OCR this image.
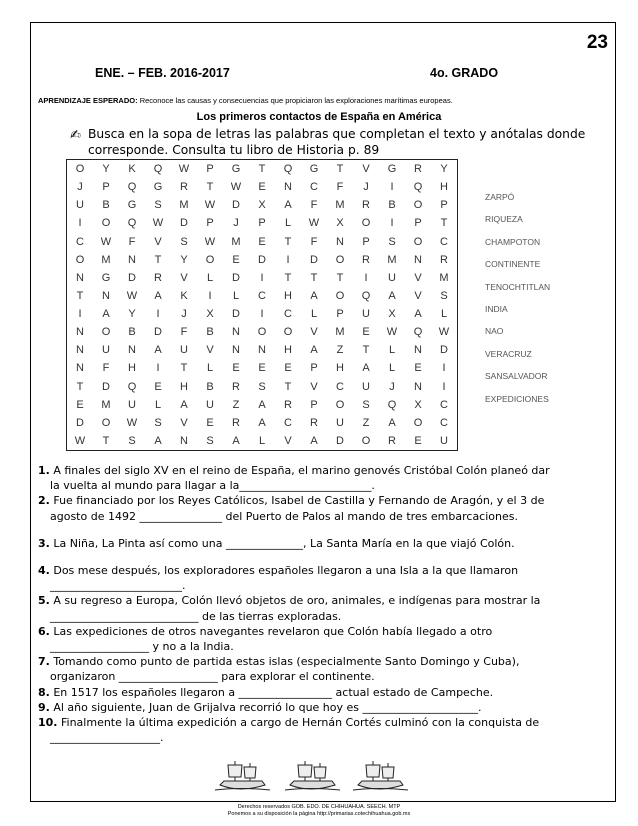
23
ENE. – FEB. 2016-2017	4o. GRADO
APRENDIZAJE ESPERADO: Reconoce las causas y consecuencias que propiciaron las exploraciones marítimas europeas.
Los primeros contactos de España en América
✍ Busca en la sopa de letras las palabras que completan el texto y anótalas donde corresponde. Consulta tu libro de Historia p. 89
O	Y	K	Q	W	P	G	T	Q	G	T	V	G	R	Y
J	P	Q	G	R	T	W	E	N	C	F	J	I	Q	H
U	B	G	S	M	W	D	X	A	F	M	R	B	O	P
I	O	Q	W	D	P	J	P	L	W	X	O	I	P	T
C	W	F	V	S	W	M	E	T	F	N	P	S	O	C
O	M	N	T	Y	O	E	D	I	D	O	R	M	N	R
N	G	D	R	V	L	D	I	T	T	T	I	U	V	M
T	N	W	A	K	I	L	C	H	A	O	Q	A	V	S
I	A	Y	I	J	X	D	I	C	L	P	U	X	A	L
N	O	B	D	F	B	N	O	O	V	M	E	W	Q	W
N	U	N	A	U	V	N	N	H	A	Z	T	L	N	D
N	F	H	I	T	L	E	E	E	P	H	A	L	E	I
T	D	Q	E	H	B	R	S	T	V	C	U	J	N	I
E	M	U	L	A	U	Z	A	R	P	O	S	Q	X	C
D	O	W	S	V	E	R	A	C	R	U	Z	A	O	C
W	T	S	A	N	S	A	L	V	A	D	O	R	E	U
ZARPÓ
RIQUEZA
CHAMPOTON
CONTINENTE
TENOCHTITLAN
INDIA
NAO
VERACRUZ
SANSALVADOR
EXPEDICIONES
1. A finales del siglo XV en el reino de España, el marino genovés Cristóbal Colón planeó dar
la vuelta al mundo para llagar a la________________________.
2. Fue financiado por los Reyes Católicos, Isabel de Castilla y Fernando de Aragón, y el 3 de
agosto de 1492 _______________ del Puerto de Palos al mando de tres embarcaciones.
3. La Niña, La Pinta así como una ______________, La Santa María en la que viajó Colón.
4. Dos mese después, los exploradores españoles llegaron a una Isla a la que llamaron
________________________.
5. A su regreso a Europa, Colón llevó objetos de oro, animales, e indígenas para mostrar la
___________________________ de las tierras exploradas.
6. Las expediciones de otros navegantes revelaron que Colón había llegado a otro
__________________ y no a la India.
7. Tomando como punto de partida estas islas (especialmente Santo Domingo y Cuba),
organizaron __________________ para explorar el continente.
8. En 1517 los españoles llegaron a _________________ actual estado de Campeche.
9. Al año siguiente, Juan de Grijalva recorrió lo que hoy es _____________________.
10. Finalmente la última expedición a cargo de Hernán Cortés culminó con la conquista de
____________________.
Derechos reservados GOB. EDO. DE CHIHUAHUA. SEECH. MTP
Ponemos a su disposición la página http://primarias.cotechihuahua.gob.mx
